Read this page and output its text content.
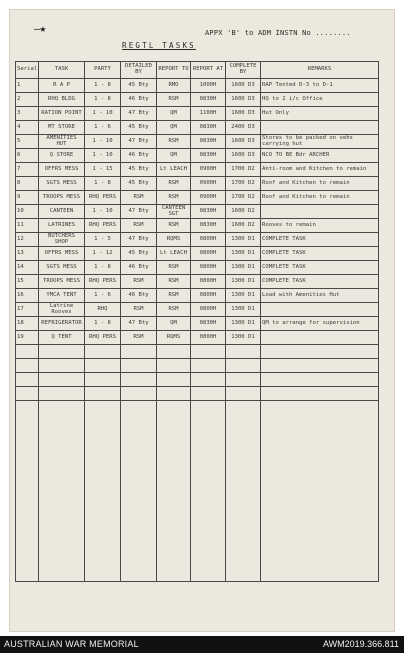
—★	APPX 'B' to ADM INSTN No ........
REGTL TASKS
Serial	TASK	PARTY	DETAILED BY	REPORT TO	REPORT AT	COMPLETE BY	REMARKS
1	R A P	1 - 8	45 Bty	RMO	1000H	1600 D3	RAP Tented D-3 to D-1
2	RHQ BLDG	1 - 8	46 Bty	RSM	0830H	1600 D3	HQ to 2 i/c Office
3	RATION POINT	1 - 10	47 Bty	QM	1100H	1600 D3	Hut Only
4	MT STORE	1 - 6	45 Bty	QM	0830H	2400 D3	
5	AMENITIES HUT	1 - 10	47 Bty	RSM	0830H	1600 D3	Stores to be packed on vehs carrying hut
6	Q STORE	1 - 10	46 Bty	QM	0830H	1600 D3	NCO TO BE Bdr ARCHER
7	OFFRS MESS	1 - 15	45 Bty	Lt LEACH	0900H	1700 D2	Anti-room and Kitchen to remain
8	SGTS MESS	1 - 8	45 Bty	RSM	0900H	1700 D2	Roof and Kitchen to remain
9	TROOPS MESS	RHQ PERS	RSM	RSM	0900H	1700 D2	Roof and Kitchen to remain
10	CANTEEN	1 - 10	47 Bty	CANTEEN SGT	0830H	1600 D2	
11	LATRINES	RHQ PERS	RSM	RSM	0830H	1600 D2	Rooves to remain
12	BUTCHERS SHOP	1 - 5	47 Bty	RQMS	0800H	1300 D1	COMPLETE TASK
13	OFFRS MESS	1 - 12	45 Bty	Lt LEACH	0800H	1300 D1	COMPLETE TASK
14	SGTS MESS	1 - 8	46 Bty	RSM	0800H	1300 D1	COMPLETE TASK
15	TROOPS MESS	RHQ PERS	RSM	RSM	0800H	1300 D1	COMPLETE TASK
16	YMCA TENT	1 - 6	46 Bty	RSM	0800H	1300 D1	Load with Amenities Hut
17	Latrine Rooves	RHQ	RSM	RSM	0800H	1300 D1	
18	REFRIGERATOR	1 - 8	47 Bty	QM	0830H	1300 D1	QM to arrange for supervision
19	Q TENT	RHQ PERS	RSM	RQMS	0800H	1300 D1	

AUSTRALIAN WAR MEMORIAL	AWM2019.366.811
